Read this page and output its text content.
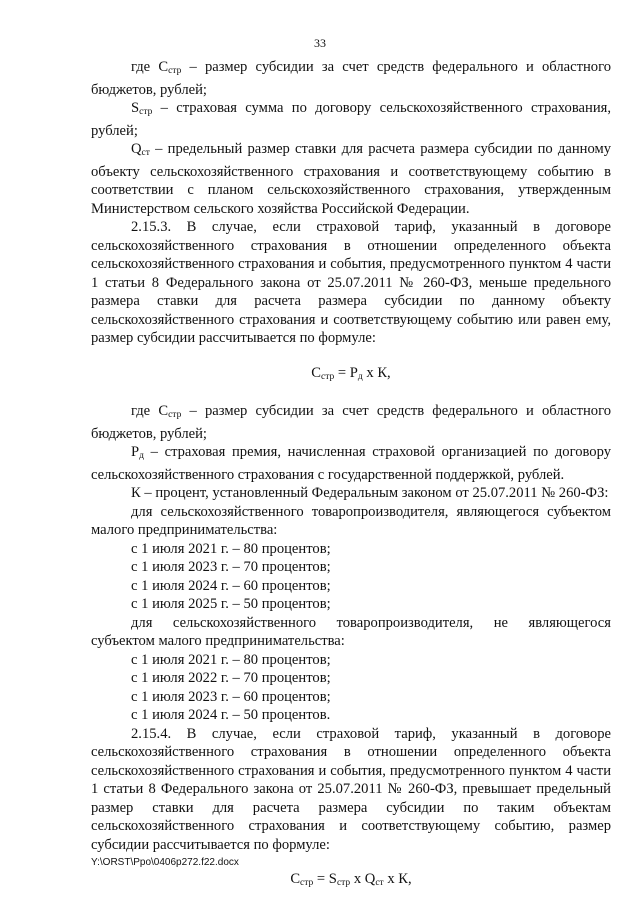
33

где $С_{стр}$ – размер субсидии за счет средств федерального и областного бюджетов, рублей;

$S_{стр}$ – страховая сумма по договору сельскохозяйственного страхования, рублей;

$Q_{ст}$ – предельный размер ставки для расчета размера субсидии по данному объекту сельскохозяйственного страхования и соответствующему событию в соответствии с планом сельскохозяйственного страхования, утвержденным Министерством сельского хозяйства Российской Федерации.

2.15.3. В случае, если страховой тариф, указанный в договоре сельскохозяйственного страхования в отношении определенного объекта сельскохозяйственного страхования и события, предусмотренного пунктом 4 части 1 статьи 8 Федерального закона от 25.07.2011 № 260-ФЗ, меньше предельного размера ставки для расчета размера субсидии по данному объекту сельскохозяйственного страхования и соответствующему событию или равен ему, размер субсидии рассчитывается по формуле:

$С_{стр} = Р_д$ x К,

где $С_{стр}$ – размер субсидии за счет средств федерального и областного бюджетов, рублей;

$Р_д$ – страховая премия, начисленная страховой организацией по договору сельскохозяйственного страхования с государственной поддержкой, рублей.

К – процент, установленный Федеральным законом от 25.07.2011 № 260-ФЗ:

для сельскохозяйственного товаропроизводителя, являющегося субъектом малого предпринимательства:

с 1 июля 2021 г. – 80 процентов;

с 1 июля 2023 г. – 70 процентов;

с 1 июля 2024 г. – 60 процентов;

с 1 июля 2025 г. – 50 процентов;

для сельскохозяйственного товаропроизводителя, не являющегося субъектом малого предпринимательства:

с 1 июля 2021 г. – 80 процентов;

с 1 июля 2022 г. – 70 процентов;

с 1 июля 2023 г. – 60 процентов;

с 1 июля 2024 г. – 50 процентов.

2.15.4. В случае, если страховой тариф, указанный в договоре сельскохозяйственного страхования в отношении определенного объекта сельскохозяйственного страхования и события, предусмотренного пунктом 4 части 1 статьи 8 Федерального закона от 25.07.2011 № 260-ФЗ, превышает предельный размер ставки для расчета размера субсидии по таким объектам сельскохозяйственного страхования и соответствующему событию, размер субсидии рассчитывается по формуле:

$С_{стр} = S_{стр}$ x $Q_{ст}$ x К,

Y:\ORST\Ppo\0406p272.f22.docx
